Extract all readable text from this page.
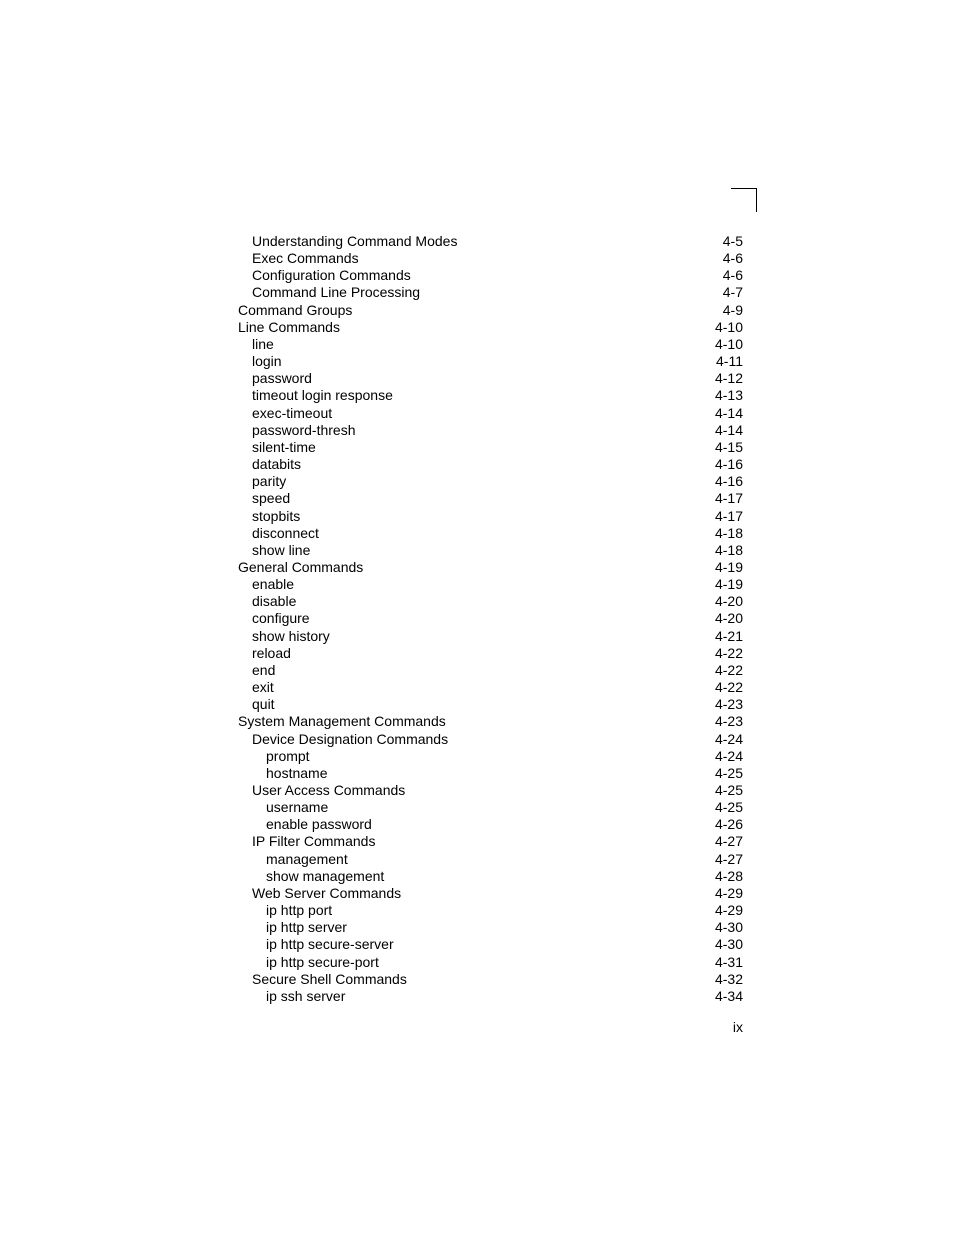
Understanding Command Modes	4-5
Exec Commands	4-6
Configuration Commands	4-6
Command Line Processing	4-7
Command Groups	4-9
Line Commands	4-10
line	4-10
login	4-11
password	4-12
timeout login response	4-13
exec-timeout	4-14
password-thresh	4-14
silent-time	4-15
databits	4-16
parity	4-16
speed	4-17
stopbits	4-17
disconnect	4-18
show line	4-18
General Commands	4-19
enable	4-19
disable	4-20
configure	4-20
show history	4-21
reload	4-22
end	4-22
exit	4-22
quit	4-23
System Management Commands	4-23
Device Designation Commands	4-24
prompt	4-24
hostname	4-25
User Access Commands	4-25
username	4-25
enable password	4-26
IP Filter Commands	4-27
management	4-27
show management	4-28
Web Server Commands	4-29
ip http port	4-29
ip http server	4-30
ip http secure-server	4-30
ip http secure-port	4-31
Secure Shell Commands	4-32
ip ssh server	4-34
ix
